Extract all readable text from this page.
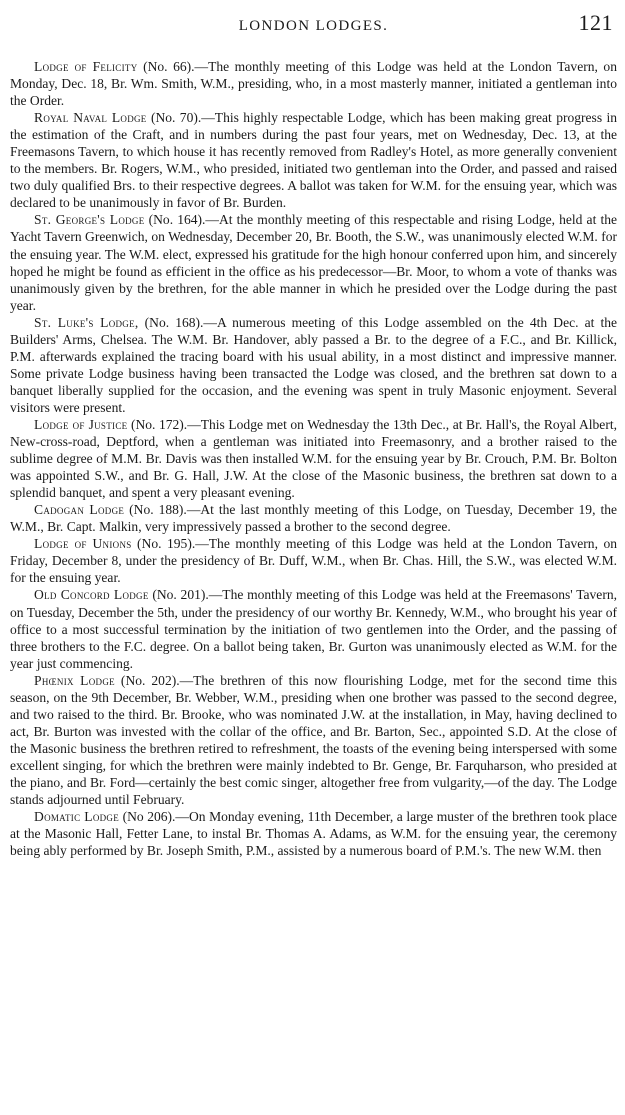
LONDON LODGES.	121

Lodge of Felicity (No. 66).—The monthly meeting of this Lodge was held at the London Tavern, on Monday, Dec. 18, Br. Wm. Smith, W.M., presiding, who, in a most masterly manner, initiated a gentleman into the Order.

Royal Naval Lodge (No. 70).—This highly respectable Lodge, which has been making great progress in the estimation of the Craft, and in numbers during the past four years, met on Wednesday, Dec. 13, at the Freemasons Tavern, to which house it has recently removed from Radley's Hotel, as more generally convenient to the members. Br. Rogers, W.M., who presided, initiated two gentleman into the Order, and passed and raised two duly qualified Brs. to their respective degrees. A ballot was taken for W.M. for the ensuing year, which was declared to be unanimously in favor of Br. Burden.

St. George's Lodge (No. 164).—At the monthly meeting of this respectable and rising Lodge, held at the Yacht Tavern Greenwich, on Wednesday, December 20, Br. Booth, the S.W., was unanimously elected W.M. for the ensuing year. The W.M. elect, expressed his gratitude for the high honour conferred upon him, and sincerely hoped he might be found as efficient in the office as his predecessor—Br. Moor, to whom a vote of thanks was unanimously given by the brethren, for the able manner in which he presided over the Lodge during the past year.

St. Luke's Lodge, (No. 168).—A numerous meeting of this Lodge assembled on the 4th Dec. at the Builders' Arms, Chelsea. The W.M. Br. Handover, ably passed a Br. to the degree of a F.C., and Br. Killick, P.M. afterwards explained the tracing board with his usual ability, in a most distinct and impressive manner. Some private Lodge business having been transacted the Lodge was closed, and the brethren sat down to a banquet liberally supplied for the occasion, and the evening was spent in truly Masonic enjoyment. Several visitors were present.

Lodge of Justice (No. 172).—This Lodge met on Wednesday the 13th Dec., at Br. Hall's, the Royal Albert, New-cross-road, Deptford, when a gentleman was initiated into Freemasonry, and a brother raised to the sublime degree of M.M. Br. Davis was then installed W.M. for the ensuing year by Br. Crouch, P.M. Br. Bolton was appointed S.W., and Br. G. Hall, J.W. At the close of the Masonic business, the brethren sat down to a splendid banquet, and spent a very pleasant evening.

Cadogan Lodge (No. 188).—At the last monthly meeting of this Lodge, on Tuesday, December 19, the W.M., Br. Capt. Malkin, very impressively passed a brother to the second degree.

Lodge of Unions (No. 195).—The monthly meeting of this Lodge was held at the London Tavern, on Friday, December 8, under the presidency of Br. Duff, W.M., when Br. Chas. Hill, the S.W., was elected W.M. for the ensuing year.

Old Concord Lodge (No. 201).—The monthly meeting of this Lodge was held at the Freemasons' Tavern, on Tuesday, December the 5th, under the presidency of our worthy Br. Kennedy, W.M., who brought his year of office to a most successful termination by the initiation of two gentlemen into the Order, and the passing of three brothers to the F.C. degree. On a ballot being taken, Br. Gurton was unanimously elected as W.M. for the year just commencing.

Phœnix Lodge (No. 202).—The brethren of this now flourishing Lodge, met for the second time this season, on the 9th December, Br. Webber, W.M., presiding when one brother was passed to the second degree, and two raised to the third. Br. Brooke, who was nominated J.W. at the installation, in May, having declined to act, Br. Burton was invested with the collar of the office, and Br. Barton, Sec., appointed S.D. At the close of the Masonic business the brethren retired to refreshment, the toasts of the evening being interspersed with some excellent singing, for which the brethren were mainly indebted to Br. Genge, Br. Farquharson, who presided at the piano, and Br. Ford—certainly the best comic singer, altogether free from vulgarity,—of the day. The Lodge stands adjourned until February.

Domatic Lodge (No 206).—On Monday evening, 11th December, a large muster of the brethren took place at the Masonic Hall, Fetter Lane, to instal Br. Thomas A. Adams, as W.M. for the ensuing year, the ceremony being ably performed by Br. Joseph Smith, P.M., assisted by a numerous board of P.M.'s. The new W.M. then
